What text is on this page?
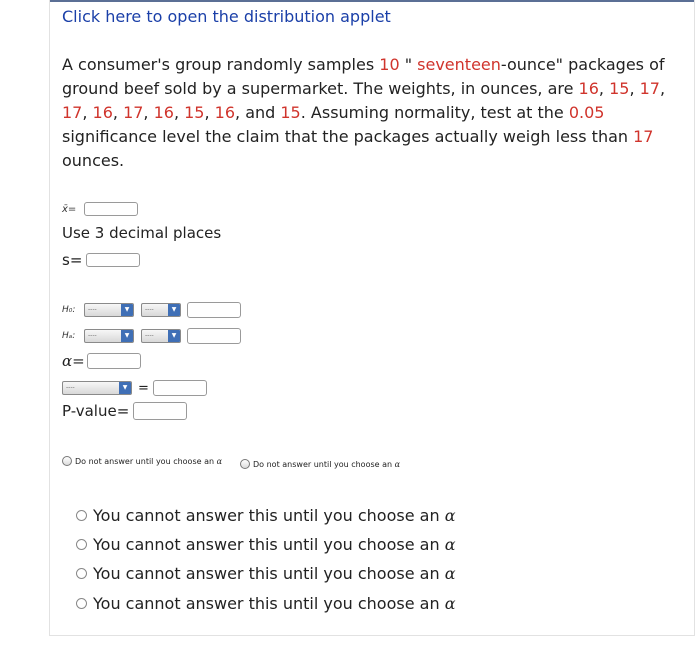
Click here to open the distribution applet
A consumer's group randomly samples 10 " seventeen-ounce" packages of ground beef sold by a supermarket. The weights, in ounces, are 16, 15, 17, 17, 16, 17, 16, 15, 16, and 15. Assuming normality, test at the 0.05 significance level the claim that the packages actually weigh less than 17 ounces.
x̄=
Use 3 decimal places
s=
H₀:	----	▼	----	▼
Hₐ:	----	▼	----	▼
α=
----	▼ =
P-value=
Do not answer until you choose an α	Do not answer until you choose an α
You cannot answer this until you choose an α
You cannot answer this until you choose an α
You cannot answer this until you choose an α
You cannot answer this until you choose an α
